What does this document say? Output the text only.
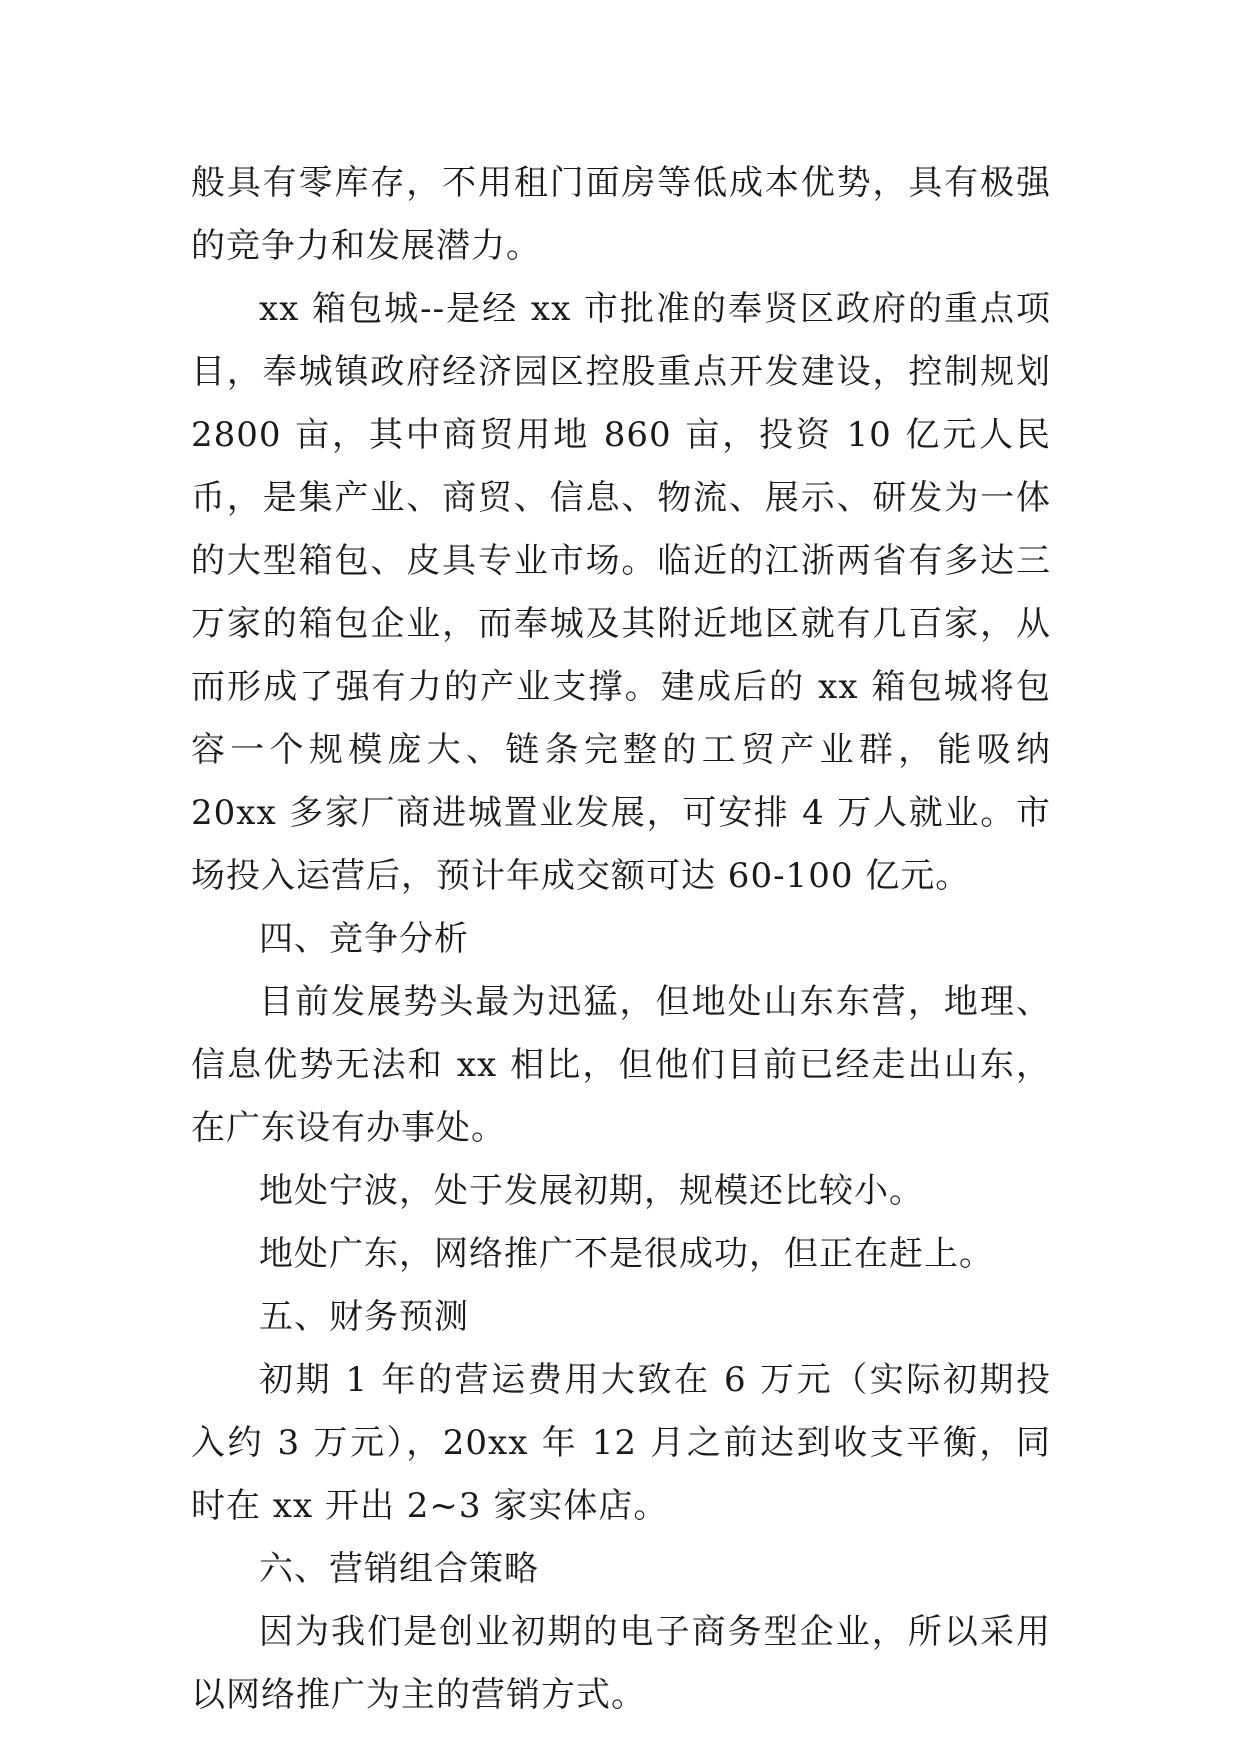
般具有零库存，不用租门面房等低成本优势，具有极强的竞争力和发展潜力。

xx 箱包城--是经 xx 市批准的奉贤区政府的重点项目，奉城镇政府经济园区控股重点开发建设，控制规划 2800 亩，其中商贸用地 860 亩，投资 10 亿元人民币，是集产业、商贸、信息、物流、展示、研发为一体的大型箱包、皮具专业市场。临近的江浙两省有多达三万家的箱包企业，而奉城及其附近地区就有几百家，从而形成了强有力的产业支撑。建成后的 xx 箱包城将包容一个规模庞大、链条完整的工贸产业群，能吸纳 20xx 多家厂商进城置业发展，可安排 4 万人就业。市场投入运营后，预计年成交额可达 60-100 亿元。

四、竞争分析

目前发展势头最为迅猛，但地处山东东营，地理、信息优势无法和 xx 相比，但他们目前已经走出山东，在广东设有办事处。

地处宁波，处于发展初期，规模还比较小。

地处广东，网络推广不是很成功，但正在赶上。

五、财务预测

初期 1 年的营运费用大致在 6 万元（实际初期投入约 3 万元），20xx 年 12 月之前达到收支平衡，同时在 xx 开出 2~3 家实体店。

六、营销组合策略

因为我们是创业初期的电子商务型企业，所以采用以网络推广为主的营销方式。
